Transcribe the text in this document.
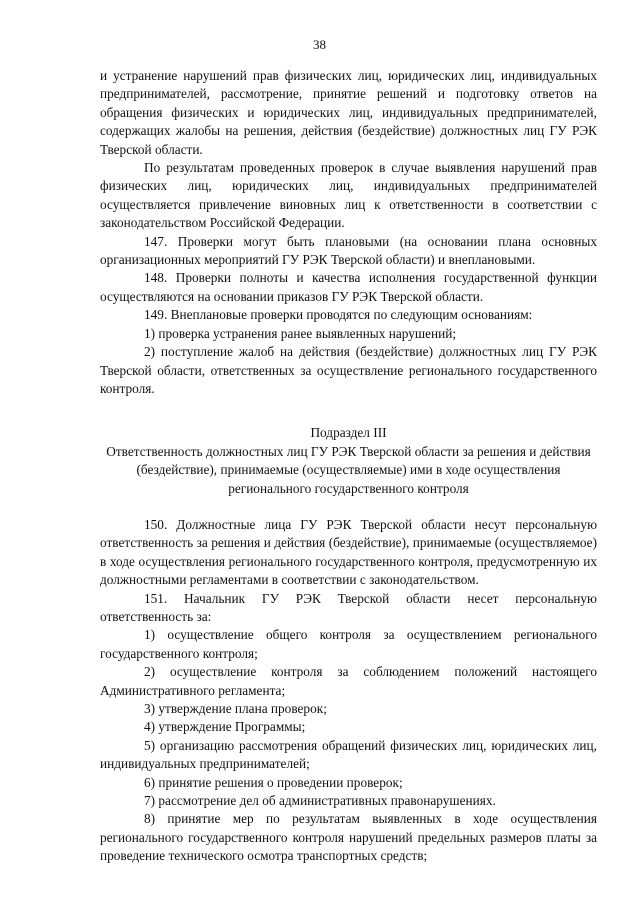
38

и устранение нарушений прав физических лиц, юридических лиц, индивидуальных предпринимателей, рассмотрение, принятие решений и подготовку ответов на обращения физических и юридических лиц, индивидуальных предпринимателей, содержащих жалобы на решения, действия (бездействие) должностных лиц ГУ РЭК Тверской области.

По результатам проведенных проверок в случае выявления нарушений прав физических лиц, юридических лиц, индивидуальных предпринимателей осуществляется привлечение виновных лиц к ответственности в соответствии с законодательством Российской Федерации.

147. Проверки могут быть плановыми (на основании плана основных организационных мероприятий ГУ РЭК Тверской области) и внеплановыми.

148. Проверки полноты и качества исполнения государственной функции осуществляются на основании приказов ГУ РЭК Тверской области.

149. Внеплановые проверки проводятся по следующим основаниям:

1) проверка устранения ранее выявленных нарушений;

2) поступление жалоб на действия (бездействие) должностных лиц ГУ РЭК Тверской области, ответственных за осуществление регионального государственного контроля.

Подраздел III

Ответственность должностных лиц ГУ РЭК Тверской области за решения и действия (бездействие), принимаемые (осуществляемые) ими в ходе осуществления регионального государственного контроля

150. Должностные лица ГУ РЭК Тверской области несут персональную ответственность за решения и действия (бездействие), принимаемые (осуществляемое) в ходе осуществления регионального государственного контроля, предусмотренную их должностными регламентами в соответствии с законодательством.

151. Начальник ГУ РЭК Тверской области несет персональную ответственность за:

1) осуществление общего контроля за осуществлением регионального государственного контроля;

2) осуществление контроля за соблюдением положений настоящего Административного регламента;

3) утверждение плана проверок;

4) утверждение Программы;

5) организацию рассмотрения обращений физических лиц, юридических лиц, индивидуальных предпринимателей;

6) принятие решения о проведении проверок;

7) рассмотрение дел об административных правонарушениях.

8) принятие мер по результатам выявленных в ходе осуществления регионального государственного контроля нарушений предельных размеров платы за проведение технического осмотра транспортных средств;
